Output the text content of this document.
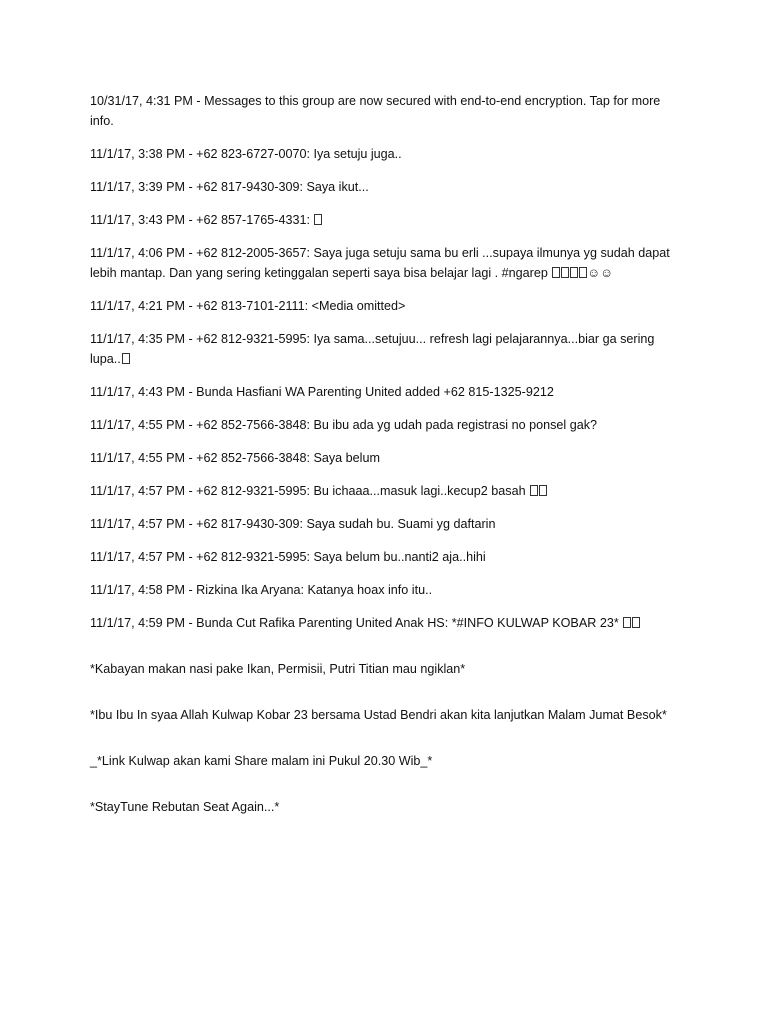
10/31/17, 4:31 PM - Messages to this group are now secured with end-to-end encryption. Tap for more info.
11/1/17, 3:38 PM - +62 823-6727-0070: Iya setuju juga..
11/1/17, 3:39 PM - +62 817-9430-309: Saya ikut...
11/1/17, 3:43 PM - +62 857-1765-4331:
11/1/17, 4:06 PM - +62 812-2005-3657: Saya juga setuju sama bu erli ...supaya ilmunya yg sudah dapat lebih mantap. Dan yang sering ketinggalan seperti saya bisa belajar lagi . #ngarep	☺☺
11/1/17, 4:21 PM - +62 813-7101-2111: <Media omitted>
11/1/17, 4:35 PM - +62 812-9321-5995: Iya sama...setujuu... refresh lagi pelajarannya...biar ga sering lupa..
11/1/17, 4:43 PM - Bunda Hasfiani WA Parenting United added +62 815-1325-9212
11/1/17, 4:55 PM - +62 852-7566-3848: Bu ibu ada yg udah pada registrasi no ponsel gak?
11/1/17, 4:55 PM - +62 852-7566-3848: Saya belum
11/1/17, 4:57 PM - +62 812-9321-5995: Bu ichaaa...masuk lagi..kecup2 basah
11/1/17, 4:57 PM - +62 817-9430-309: Saya sudah bu. Suami yg daftarin
11/1/17, 4:57 PM - +62 812-9321-5995: Saya belum bu..nanti2 aja..hihi
11/1/17, 4:58 PM - Rizkina Ika Aryana: Katanya hoax info itu..
11/1/17, 4:59 PM - Bunda Cut Rafika Parenting United Anak HS: *#INFO KULWAP KOBAR 23*
*Kabayan makan nasi pake Ikan, Permisii, Putri Titian mau ngiklan*
*Ibu Ibu In syaa Allah Kulwap Kobar 23 bersama Ustad Bendri akan kita lanjutkan Malam Jumat Besok*
_*Link Kulwap akan kami Share malam ini Pukul 20.30 Wib_*
*StayTune Rebutan Seat Again...*
